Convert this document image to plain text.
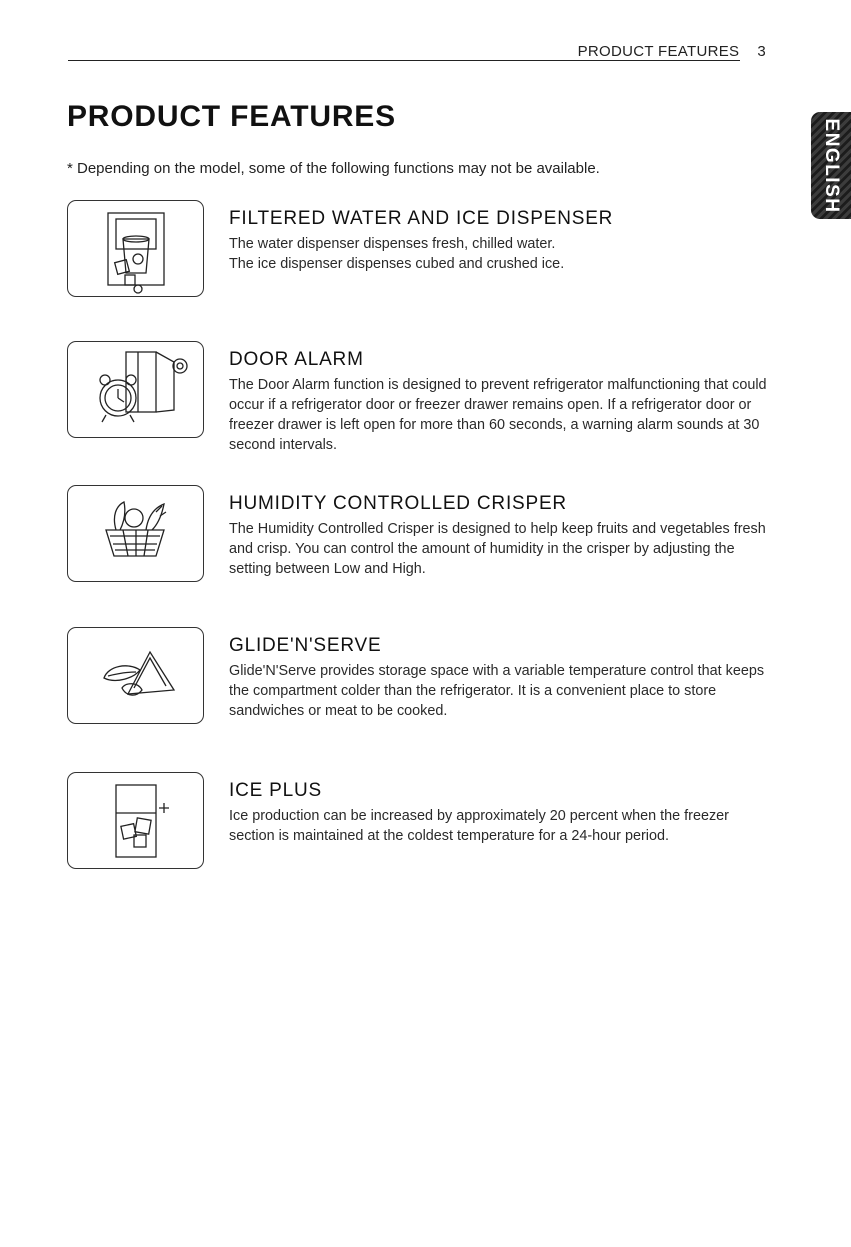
PRODUCT FEATURES 3
PRODUCT FEATURES
ENGLISH
* Depending on the model, some of the following functions may not be available.
FILTERED WATER AND ICE DISPENSER

The water dispenser dispenses fresh, chilled water.
The ice dispenser dispenses cubed and crushed ice.

DOOR ALARM

The Door Alarm function is designed to prevent refrigerator malfunctioning that could occur if a refrigerator door or freezer drawer remains open. If a refrigerator door or freezer drawer is left open for more than 60 seconds, a warning alarm sounds at 30 second intervals.

HUMIDITY CONTROLLED CRISPER

The Humidity Controlled Crisper is designed to help keep fruits and vegetables fresh and crisp. You can control the amount of humidity in the crisper by adjusting the setting between Low and High.

GLIDE'N'SERVE

Glide'N'Serve provides storage space with a variable temperature control that keeps the compartment colder than the refrigerator. It is a convenient place to store sandwiches or meat to be cooked.

ICE PLUS

Ice production can be increased by approximately 20 percent when the freezer section is maintained at the coldest temperature for a 24-hour period.
